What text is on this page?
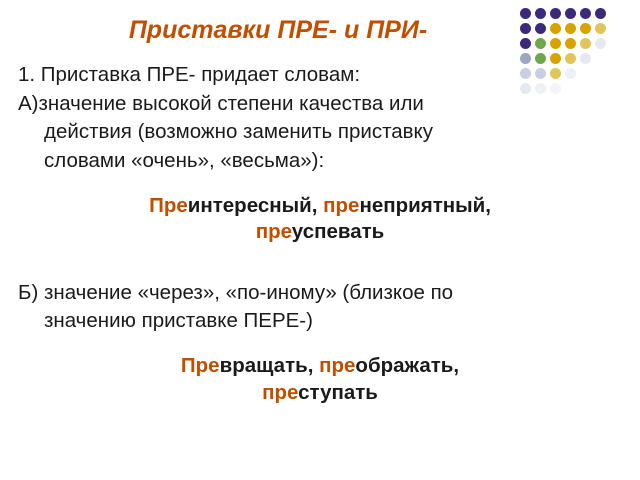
Приставки ПРЕ- и ПРИ-

1. Приставка ПРЕ- придает словам:

А)значение высокой степени качества или

действия (возможно заменить приставку

словами «очень», «весьма»):

Преинтересный, пренеприятный,

преуспевать

Б) значение «через», «по-иному» (близкое по

значению приставке ПЕРЕ-)

Превращать, преображать,

преступать
